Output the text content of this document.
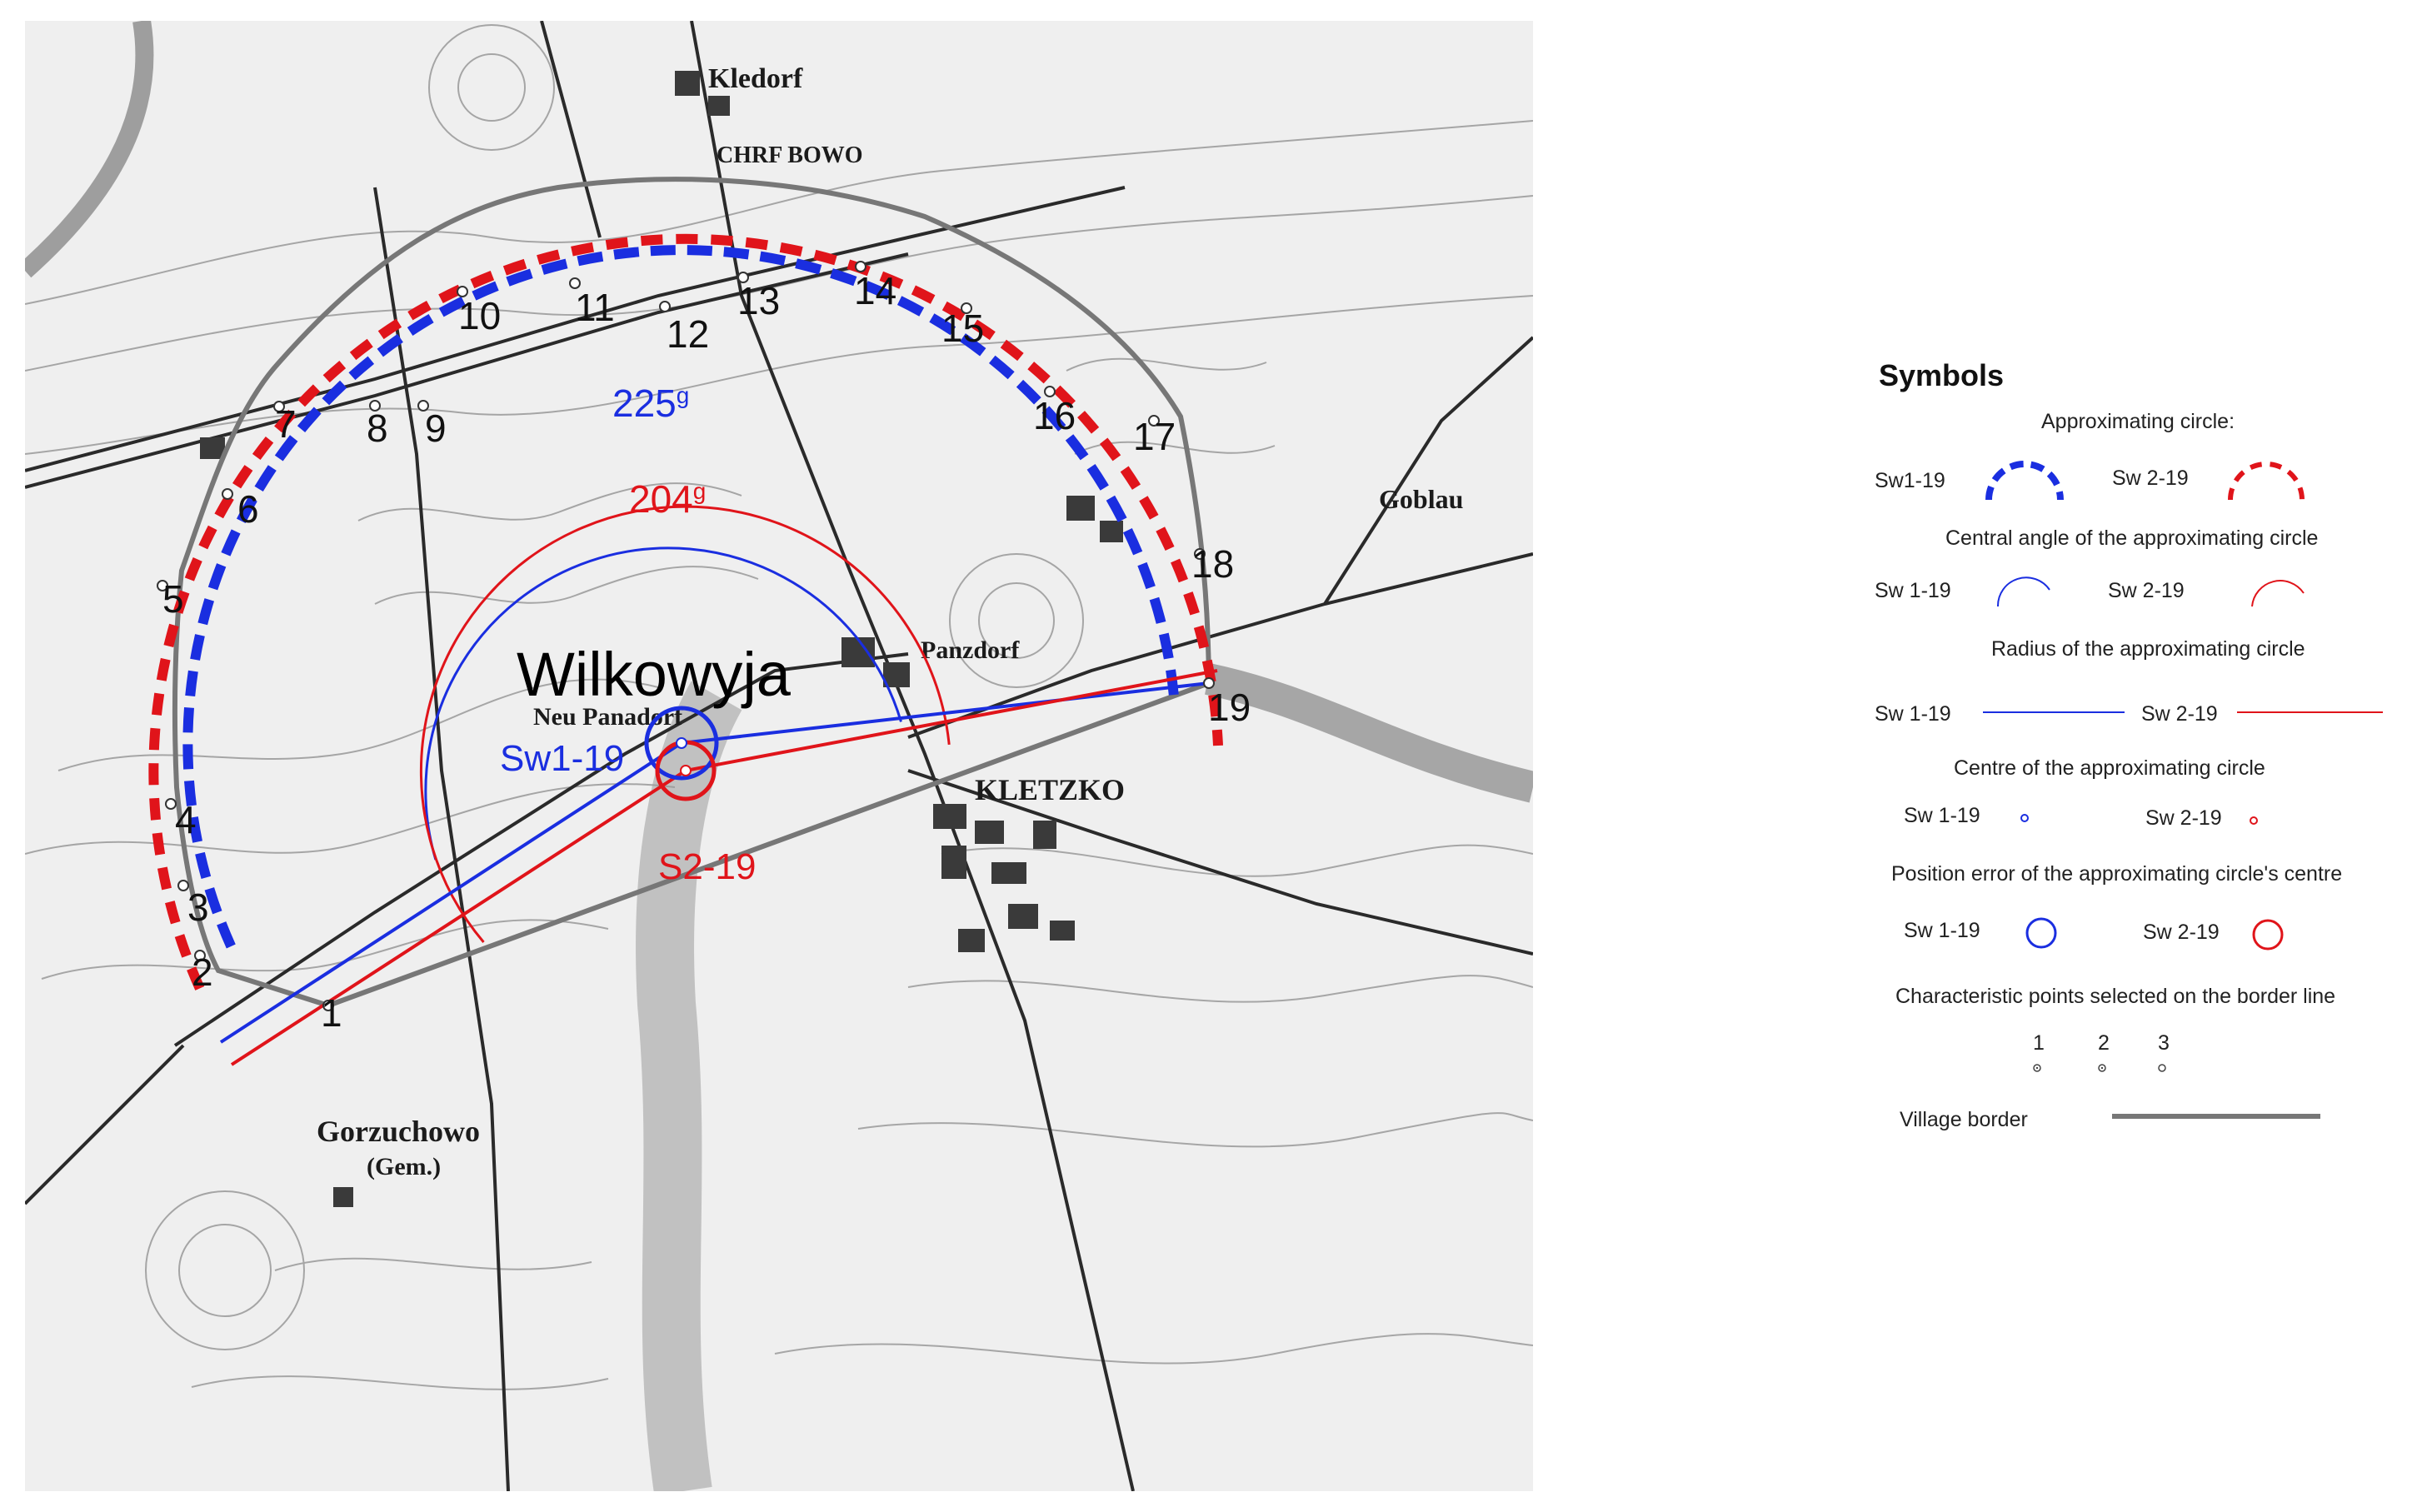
Kledorf
CHRF BOWO
Neu Panadorf
Panzdorf
KLETZKO
Gorzuchowo
(Gem.)
Goblau
1
2
3
4
5
6
7 8 9
10 11
12
13 14
15
16 17
18
19
Wilkowyja
Sw1-19
S2-19
225$^g$
204$^g$
Symbols
Approximating circle:
Sw1-19	Sw 2-19
Central angle of the approximating circle
Sw 1-19	Sw 2-19
Radius of the approximating circle
Sw 1-19	Sw 2-19
Centre of the approximating circle
Sw 1-19	Sw 2-19
Position error of the approximating circle's centre
Sw 1-19	Sw 2-19
Characteristic points selected on the border line
1	2 3
Village border
